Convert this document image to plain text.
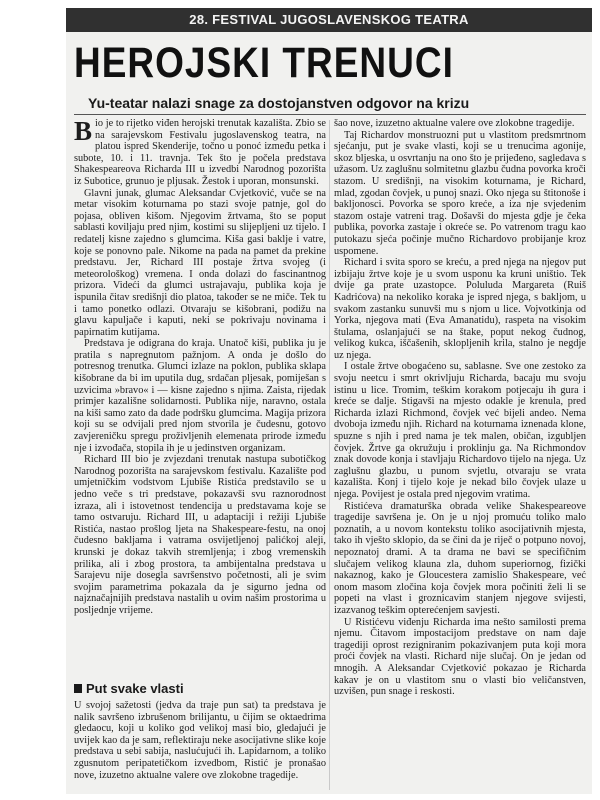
28. FESTIVAL JUGOSLAVENSKOG TEATRA
HEROJSKI TRENUCI
Yu-teatar nalazi snage za dostojanstven odgovor na krizu

Bio je to rijetko viđen herojski trenutak kazališta. Zbio se na sarajevskom Festivalu jugoslavenskog teatra, na platou ispred Skenderije, točno u ponoć između petka i subote, 10. i 11. travnja. Tek što je počela predstava Shakespeareova Richarda III u izvedbi Narodnog pozorišta iz Subotice, grunuo je pljusak. Žestok i uporan, monsunski.

Glavni junak, glumac Aleksandar Cvjetković, vuče se na metar visokim koturnama po stazi svoje patnje, gol do pojasa, obliven kišom. Njegovim žrtvama, što se poput sablasti koviljaju pred njim, kostimi su slijepljeni uz tijelo. I redatelj kisne zajedno s glumcima. Kiša gasi baklje i vatre, koje se ponovno pale. Nikome na pada na pamet da prekine predstavu. Jer, Richard III postaje žrtva svojeg (i meteorološkog) vremena. I onda dolazi do fascinantnog prizora. Videći da glumci ustrajavaju, publika koja je ispunila čitav središnji dio platoa, također se ne miče. Tek tu i tamo ponetko odlazi. Otvaraju se kišobrani, podižu na glavu kapuljače i kaputi, neki se pokrivaju novinama i papirnatim kutijama.

Predstava je odigrana do kraja. Unatoč kiši, publika ju je pratila s napregnutom pažnjom. A onda je došlo do potresnog trenutka. Glumci izlaze na poklon, publika sklapa kišobrane da bi im uputila dug, srdačan pljesak, pomiješan s uzvicima »bravo« i — kisne zajedno s njima. Zaista, rijedak primjer kazališne solidarnosti. Publika nije, naravno, ostala na kiši samo zato da dade podršku glumcima. Magija prizora koji su se odvijali pred njom stvorila je čudesnu, gotovo zavjereničku spregu proživljenih elemenata prirode između nje i izvođača, stopila ih je u jedinstven organizam.

Richard III bio je zvjezdani trenutak nastupa subotičkog Narodnog pozorišta na sarajevskom festivalu. Kazalište pod umjetničkim vodstvom Ljubiše Ristića predstavilo se u jedno veče s tri predstave, pokazavši svu raznorodnost izraza, ali i istovetnost tendencija u predstavama koje se tamo ostvaruju. Richard III, u adaptaciji i režiji Ljubiše Ristića, nastao prošlog ljeta na Shakespeare-festu, na onoj čudesno bakljama i vatrama osvijetljenoj palićkoj aleji, krunski je dokaz takvih stremljenja; i zbog vremenskih prilika, ali i zbog prostora, ta ambijentalna predstava u Sarajevu nije dosegla savršenstvo početnosti, ali je svim svojim parametrima pokazala da je sigurno jedna od najznačajnijih predstava nastalih u ovim našim prostorima u posljednje vrijeme.

Put svake vlasti

U svojoj sažetosti (jedva da traje pun sat) ta predstava je nalik savršeno izbrušenom brilijantu, u čijim se oktaedrima gledaocu, koji u koliko god velikoj masi bio, gledajući je uvijek kao da je sam, reflektiraju neke asocijativne slike koje predstava u sebi sabija, naslućujući ih. Lapidarnom, a toliko zgusnutom peripatetičkom izvedbom, Ristić je pronašao nove, izuzetno aktualne valere ove zlokobne tragedije.

šao nove, izuzetno aktualne valere ove zlokobne tragedije.

Taj Richardov monstruozni put u vlastitom predsmrtnom sjećanju, put je svake vlasti, koji se u trenucima agonije, skoz bljeska, u osvrtanju na ono što je prijeđeno, sagledava s užasom. Uz zaglušnu solmitetnu glazbu čudna povorka kroči stazom. U središnji, na visokim koturnama, je Richard, mlad, zgodan čovjek, u punoj snazi. Oko njega su štitonoše i bakljonosci. Povorka se sporo kreće, a iza nje svjedenim stazom ostaje vatreni trag. Došavši do mjesta gdje je čeka publika, povorka zastaje i okreće se. Po vatrenom tragu kao putokazu sjeća počinje mučno Richardovo probijanje kroz uspomene.

Richard i svita sporo se kreću, a pred njega na njegov put izbijaju žrtve koje je u svom usponu ka kruni uništio. Tek dvije ga prate uzastopce. Poluluda Margareta (Ruiš Kadrićova) na nekoliko koraka je ispred njega, s bakljom, u svakom zastanku sunuvši mu s njom u lice. Vojvotkinja od Yorka, njegova mati (Eva Amanatidu), raspeta na visokim štulama, oslanjajući se na štake, poput nekog čudnog, velikog kukca, iščašenih, sklopljenih krila, stalno je negdje uz njega.

I ostale žrtve obogaćeno su, sablasne. Sve one zestoko za svoju neetcu i smrt okrivljuju Richarda, bacaju mu svoju istinu u lice. Tromim, teškim korakom potjecaju ih gura i kreće se dalje. Stigavši na mjesto odakle je krenula, pred Richarda izlazi Richmond, čovjek već bijeli andeo. Nema dvoboja između njih. Richard na koturnama iznenada klone, spuzne s njih i pred nama je tek malen, običan, izgubljen čovjek. Žrtve ga okružuju i proklinju ga. Na Richmondov znak dovode konja i stavljaju Richardovo tijelo na njega. Uz zaglušnu glazbu, u punom svjetlu, otvaraju se vrata kazališta. Konj i tijelo koje je nekad bilo čovjek ulaze u njega. Povijest je ostala pred njegovim vratima.

Ristićeva dramaturška obrada velike Shakespeareove tragedije savršena je. On je u njoj promuću toliko malo poznatih, a u novom kontekstu toliko asocijativnih mjesta, tako ih vješto sklopio, da se čini da je riječ o potpuno novoj, nepoznatoj drami. A ta drama ne bavi se specifičnim slučajem velikog klauna zla, duhom superiornog, fizički nakaznog, kako je Gloucestera zamislio Shakespeare, već onom masom zločina koja čovjek mora počiniti želi li se popeti na vlast i groznicavim stanjem njegove svijesti, izazvanog teškim opterećenjem savjesti.

U Ristićevu viđenju Richarda ima nešto samilosti prema njemu. Čitavom impostacijom predstave on nam daje tragediji oprost rezigniranim pokazivanjem puta koji mora proći čovjek na vlasti. Richard nije slučaj. On je jedan od mnogih. A Aleksandar Cvjetković pokazao je Richarda kakav je on u vlastitom snu o vlasti bio veličanstven, uzvišen, pun snage i reskosti.
